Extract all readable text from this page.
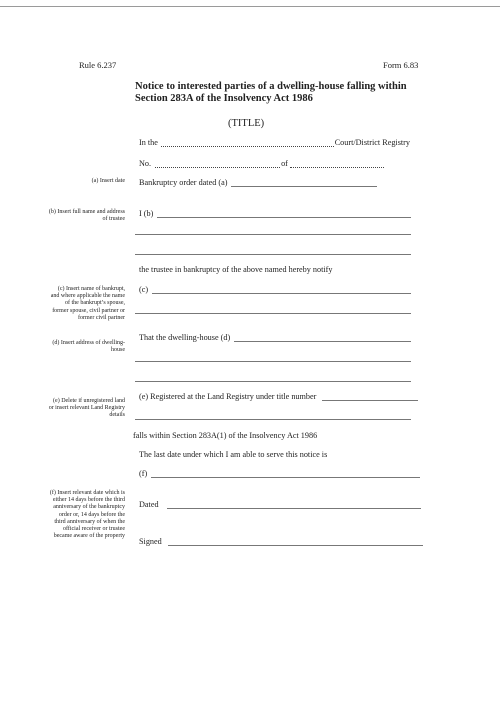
Rule 6.237	Form 6.83
Notice to interested parties of a dwelling-house falling within
Section 283A of the Insolvency Act 1986
(TITLE)
In the	Court/District Registry
No.	of
(a) Insert date Bankruptcy order dated (a)
(b) Insert full name and address
of trustee
I (b)
the trustee in bankruptcy of the above named hereby notify
(c) Insert name of bankrupt,
and where applicable the name
of the bankrupt’s spouse,
former spouse, civil partner or
former civil partner
(c)
(d) Insert address of dwelling-
house
That the dwelling-house (d)
(e) Delete if unregistered land
or insert relevant Land Registry
details
(e) Registered at the Land Registry under title number
falls within Section 283A(1) of the Insolvency Act 1986
The last date under which I am able to serve this notice is
(f)
(f) Insert relevant date which is
either 14 days before the third
anniversary of the bankruptcy
order or, 14 days before the
third anniversary of when the
official receiver or trustee
became aware of the property
Dated
Signed
